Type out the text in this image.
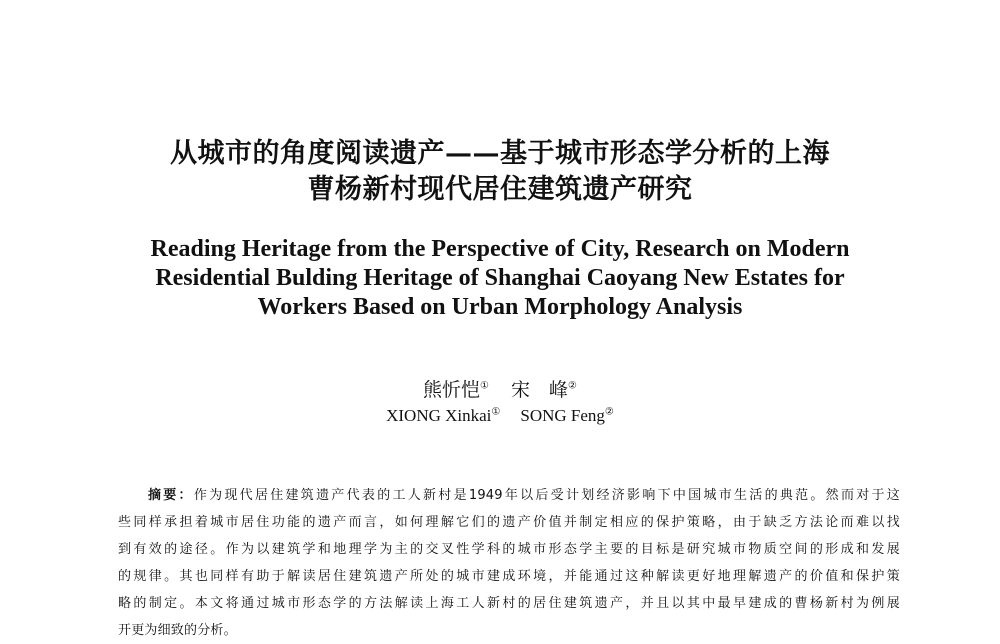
从城市的角度阅读遗产——基于城市形态学分析的上海
曹杨新村现代居住建筑遗产研究
Reading Heritage from the Perspective of City, Research on Modern
Residential Bulding Heritage of Shanghai Caoyang New Estates for
Workers Based on Urban Morphology Analysis
熊忻恺① 宋　峰②
XIONG Xinkai① SONG Feng②
摘要：作为现代居住建筑遗产代表的工人新村是1949年以后受计划经济影响下中国城市生活的典范。然而对于这
些同样承担着城市居住功能的遗产而言，如何理解它们的遗产价值并制定相应的保护策略，由于缺乏方法论而难以找
到有效的途径。作为以建筑学和地理学为主的交叉性学科的城市形态学主要的目标是研究城市物质空间的形成和发展
的规律。其也同样有助于解读居住建筑遗产所处的城市建成环境，并能通过这种解读更好地理解遗产的价值和保护策
略的制定。本文将通过城市形态学的方法解读上海工人新村的居住建筑遗产，并且以其中最早建成的曹杨新村为例展
开更为细致的分析。
